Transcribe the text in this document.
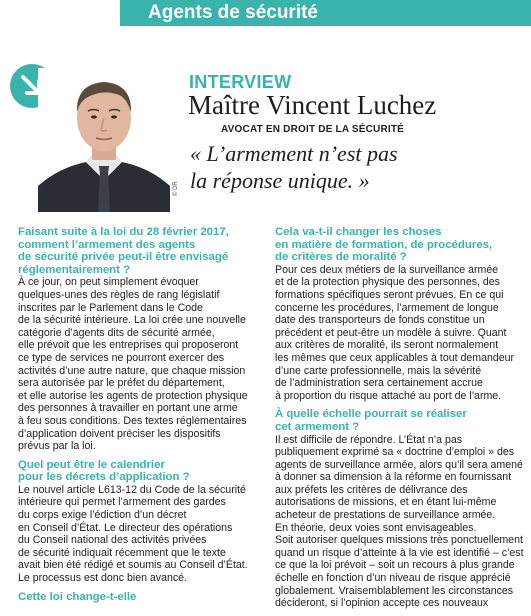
Agents de sécurité
© DR
INTERVIEW
Maître Vincent Luchez
AVOCAT EN DROIT DE LA SÉCURITÉ
« L’armement n’est pas
la réponse unique. »
Faisant suite à la loi du 28 février 2017,
comment l’armement des agents
de sécurité privée peut-il être envisagé
réglementairement ?
À ce jour, on peut simplement évoquer
quelques-unes des règles de rang législatif
inscrites par le Parlement dans le Code
de la sécurité intérieure. La loi crée une nouvelle
catégorie d’agents dits de sécurité armée,
elle prévoit que les entreprises qui proposeront
ce type de services ne pourront exercer des
activités d’une autre nature, que chaque mission
sera autorisée par le préfet du département,
et elle autorise les agents de protection physique
des personnes à travailler en portant une arme
à feu sous conditions. Des textes réglementaires
d’application doivent préciser les dispositifs
prévus par la loi.
Quel peut être le calendrier
pour les décrets d’application ?
Le nouvel article L613-12 du Code de la sécurité
intérieure qui permet l’armement des gardes
du corps exige l’édiction d’un décret
en Conseil d’État. Le directeur des opérations
du Conseil national des activités privées
de sécurité indiquait récemment que le texte
avait bien été rédigé et soumis au Conseil d’État.
Le processus est donc bien avancé.
Cette loi change-t-elle
Cela va-t-il changer les choses
en matière de formation, de procédures,
de critères de moralité ?
Pour ces deux métiers de la surveillance armée
et de la protection physique des personnes, des
formations spécifiques seront prévues. En ce qui
concerne les procédures, l’armement de longue
date des transporteurs de fonds constitue un
précédent et peut-être un modèle à suivre. Quant
aux critères de moralité, ils seront normalement
les mêmes que ceux applicables à tout demandeur
d’une carte professionnelle, mais la sévérité
de l’administration sera certainement accrue
à proportion du risque attaché au port de l’arme.
À quelle échelle pourrait se réaliser
cet armement ?
Il est difficile de répondre. L’État n’a pas
publiquement exprimé sa « doctrine d’emploi » des
agents de surveillance armée, alors qu’il sera amené
à donner sa dimension à la réforme en fournissant
aux préfets les critères de délivrance des
autorisations de missions, et en étant lui-même
acheteur de prestations de surveillance armée.
En théorie, deux voies sont envisageables.
Soit autoriser quelques missions très ponctuellement
quand un risque d’atteinte à la vie est identifié – c’est
ce que la loi prévoit – soit un recours à plus grande
échelle en fonction d’un niveau de risque apprécié
globalement. Vraisemblablement les circonstances
décideront, si l’opinion accepte ces nouveaux
